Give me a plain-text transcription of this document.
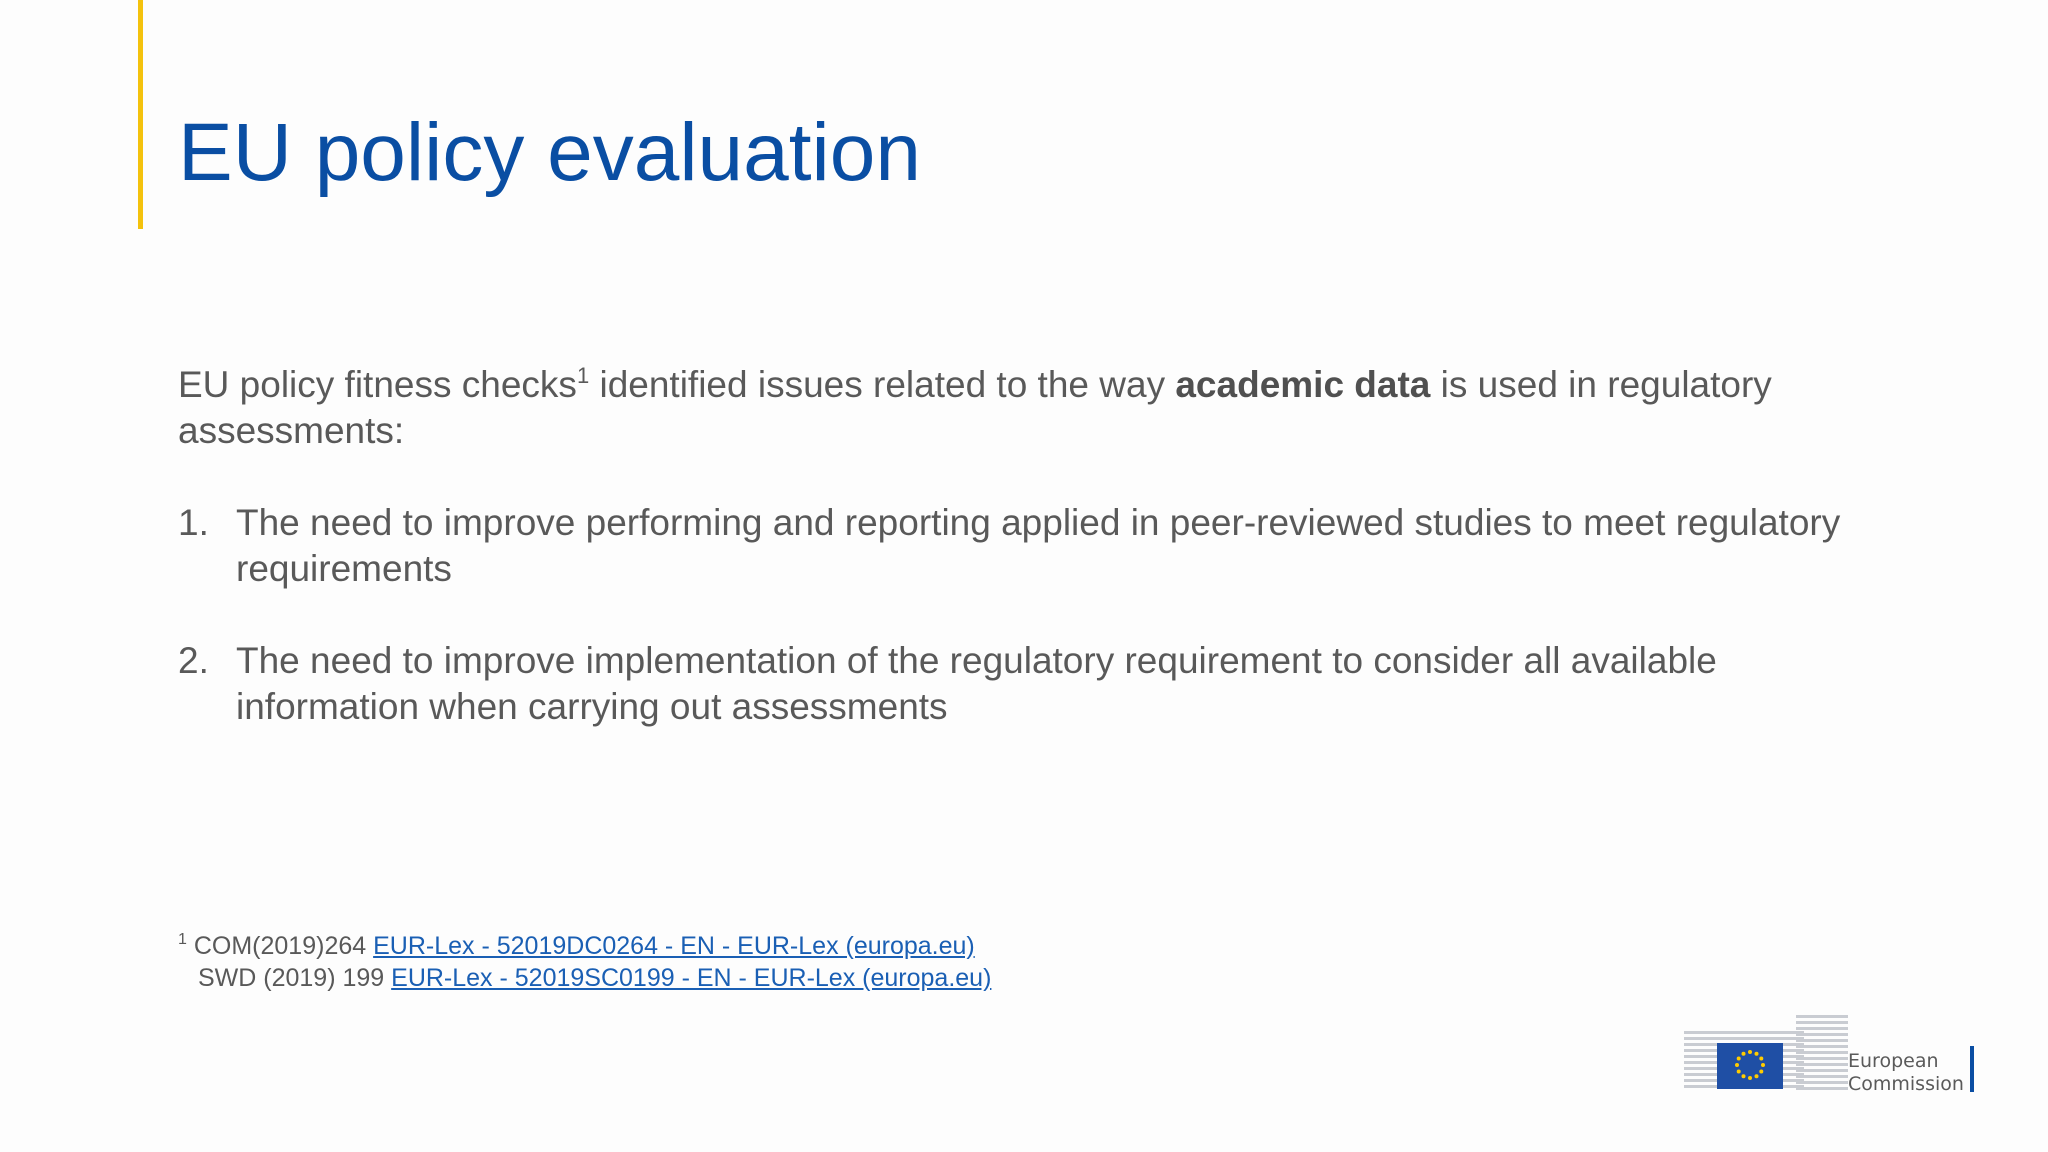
EU policy evaluation

EU policy fitness checks$^1$ identified issues related to the way academic data is used in regulatory assessments:

1. The need to improve performing and reporting applied in peer-reviewed studies to meet regulatory requirements
2. The need to improve implementation of the regulatory requirement to consider all available information when carrying out assessments
$^1$ COM(2019)264 EUR-Lex - 52019DC0264 - EN - EUR-Lex (europa.eu)
SWD (2019) 199 EUR-Lex - 52019SC0199 - EN - EUR-Lex (europa.eu)
European
Commission
